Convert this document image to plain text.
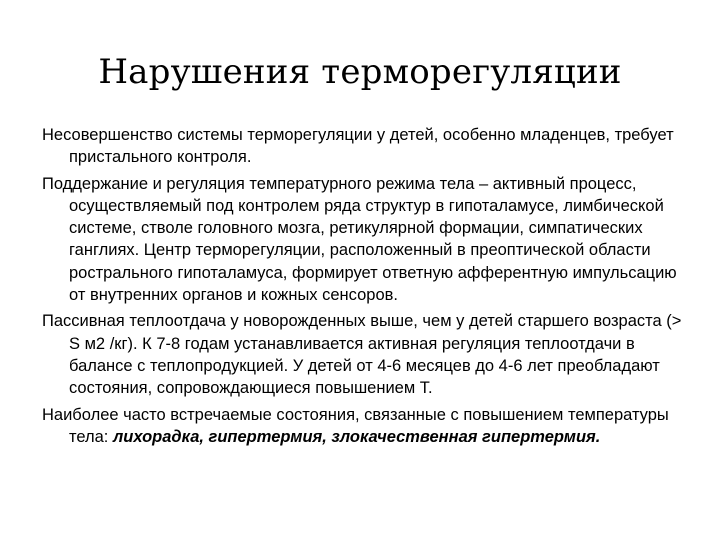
Нарушения терморегуляции

Несовершенство системы терморегуляции у детей, особенно младенцев, требует пристального контроля.

Поддержание и регуляция температурного режима тела – активный процесс, осуществляемый под контролем ряда структур в гипоталамусе, лимбической системе, стволе головного мозга, ретикулярной формации, симпатических ганглиях. Центр терморегуляции, расположенный в преоптической области рострального гипоталамуса, формирует ответную афферентную импульсацию от внутренних органов и кожных сенсоров.

Пассивная теплоотдача у новорожденных выше, чем у детей старшего возраста (> S м2 /кг). К 7-8 годам устанавливается активная регуляция теплоотдачи в балансе с теплопродукцией. У детей от 4-6 месяцев до 4-6 лет преобладают состояния, сопровождающиеся повышением Т.

Наиболее часто встречаемые состояния, связанные с повышением температуры тела: лихорадка, гипертермия, злокачественная гипертермия.
